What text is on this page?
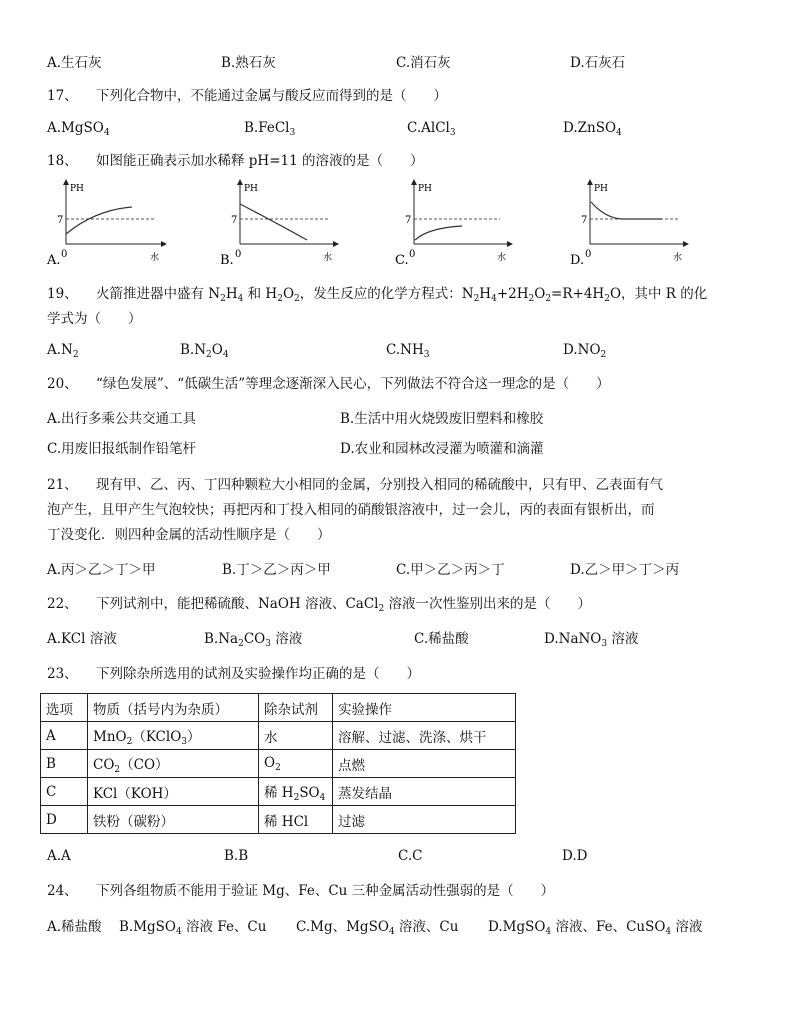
A.生石灰	B.熟石灰	C.消石灰	D.石灰石
17、 下列化合物中，不能通过金属与酸反应而得到的是（　　）
A.MgSO$_4$	B.FeCl$_3$	C.AlCl$_3$	D.ZnSO$_4$
18、 如图能正确表示加水稀释 pH=11 的溶液的是（　　）
PH
7
0	水
A.
PH
7
0	水
B.
PH
7
0	水
C.
PH
7
0	水
D.
19、 火箭推进器中盛有 $N_2H_4$ 和 $H_2O_2$，发生反应的化学方程式：$N_2H_4+2H_2O_2=R+4H_2O$，其中 R 的化
学式为（　　）
$A.N_2$	$B.N_2O_4$	$C.NH_3$	$D.NO_2$
20、 “绿色发展”、“低碳生活”等理念逐渐深入民心，下列做法不符合这一理念的是（　　）
A.出行多乘公共交通工具	B.生活中用火烧毁废旧塑料和橡胶
C.用废旧报纸制作铅笔杆	D.农业和园林改浸灌为喷灌和滴灌
21、 现有甲、乙、丙、丁四种颗粒大小相同的金属，分别投入相同的稀硫酸中，只有甲、乙表面有气
泡产生，且甲产生气泡较快；再把丙和丁投入相同的硝酸银溶液中，过一会儿，丙的表面有银析出，而
丁没变化．则四种金属的活动性顺序是（　　）
A.丙＞乙＞丁＞甲	B.丁＞乙＞丙＞甲	C.甲＞乙＞丙＞丁	D.乙＞甲＞丁＞丙
22、 下列试剂中，能把稀硫酸、NaOH 溶液、CaCl$_2$ 溶液一次性鉴别出来的是（　　）
A.KCl 溶液	$B.Na_2CO_3$ 溶液	C.稀盐酸	D.NaNO$_3$ 溶液
23、 下列除杂所选用的试剂及实验操作均正确的是（　　）
选项	物质（括号内为杂质）	除杂试剂	实验操作
A	MnO$_2$（KClO$_3$）	水	溶解、过滤、洗涤、烘干
B	$CO_2(CO)$	$O_2$	点燃
C	KCl（KOH）	稀 $H_2SO_4$	蒸发结晶
D	铁粉（碳粉）	稀 HCl	过滤
A.A	B.B	C.C	D.D
24、 下列各组物质不能用于验证 Mg、Fe、Cu 三种金属活动性强弱的是（　　）
A.稀盐酸 B.MgSO$_4$ 溶液 Fe、Cu C.Mg、MgSO$_4$ 溶液、Cu D.MgSO$_4$ 溶液、Fe、CuSO$_4$ 溶液
